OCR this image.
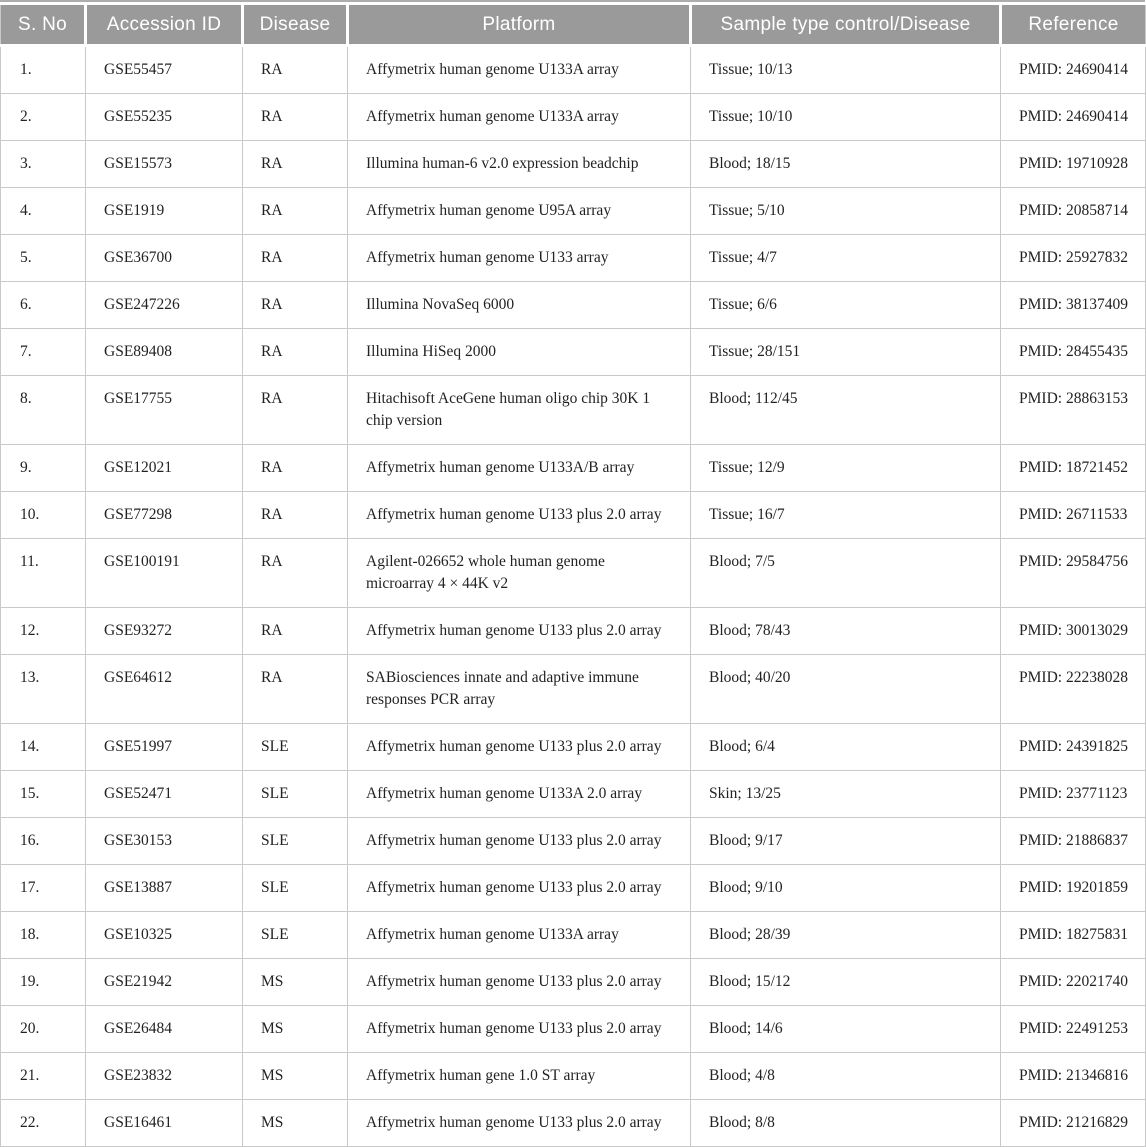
S. No	Accession ID	Disease	Platform	Sample type control/Disease	Reference
1.	GSE55457	RA	Affymetrix human genome U133A array	Tissue; 10/13	PMID: 24690414
2.	GSE55235	RA	Affymetrix human genome U133A array	Tissue; 10/10	PMID: 24690414
3.	GSE15573	RA	Illumina human-6 v2.0 expression beadchip	Blood; 18/15	PMID: 19710928
4.	GSE1919	RA	Affymetrix human genome U95A array	Tissue; 5/10	PMID: 20858714
5.	GSE36700	RA	Affymetrix human genome U133 array	Tissue; 4/7	PMID: 25927832
6.	GSE247226	RA	Illumina NovaSeq 6000	Tissue; 6/6	PMID: 38137409
7.	GSE89408	RA	Illumina HiSeq 2000	Tissue; 28/151	PMID: 28455435
8.	GSE17755	RA	Hitachisoft AceGene human oligo chip 30K 1 chip version	Blood; 112/45	PMID: 28863153
9.	GSE12021	RA	Affymetrix human genome U133A/B array	Tissue; 12/9	PMID: 18721452
10.	GSE77298	RA	Affymetrix human genome U133 plus 2.0 array	Tissue; 16/7	PMID: 26711533
11.	GSE100191	RA	Agilent-026652 whole human genome microarray 4 × 44K v2	Blood; 7/5	PMID: 29584756
12.	GSE93272	RA	Affymetrix human genome U133 plus 2.0 array	Blood; 78/43	PMID: 30013029
13.	GSE64612	RA	SABiosciences innate and adaptive immune responses PCR array	Blood; 40/20	PMID: 22238028
14.	GSE51997	SLE	Affymetrix human genome U133 plus 2.0 array	Blood; 6/4	PMID: 24391825
15.	GSE52471	SLE	Affymetrix human genome U133A 2.0 array	Skin; 13/25	PMID: 23771123
16.	GSE30153	SLE	Affymetrix human genome U133 plus 2.0 array	Blood; 9/17	PMID: 21886837
17.	GSE13887	SLE	Affymetrix human genome U133 plus 2.0 array	Blood; 9/10	PMID: 19201859
18.	GSE10325	SLE	Affymetrix human genome U133A array	Blood; 28/39	PMID: 18275831
19.	GSE21942	MS	Affymetrix human genome U133 plus 2.0 array	Blood; 15/12	PMID: 22021740
20.	GSE26484	MS	Affymetrix human genome U133 plus 2.0 array	Blood; 14/6	PMID: 22491253
21.	GSE23832	MS	Affymetrix human gene 1.0 ST array	Blood; 4/8	PMID: 21346816
22.	GSE16461	MS	Affymetrix human genome U133 plus 2.0 array	Blood; 8/8	PMID: 21216829
